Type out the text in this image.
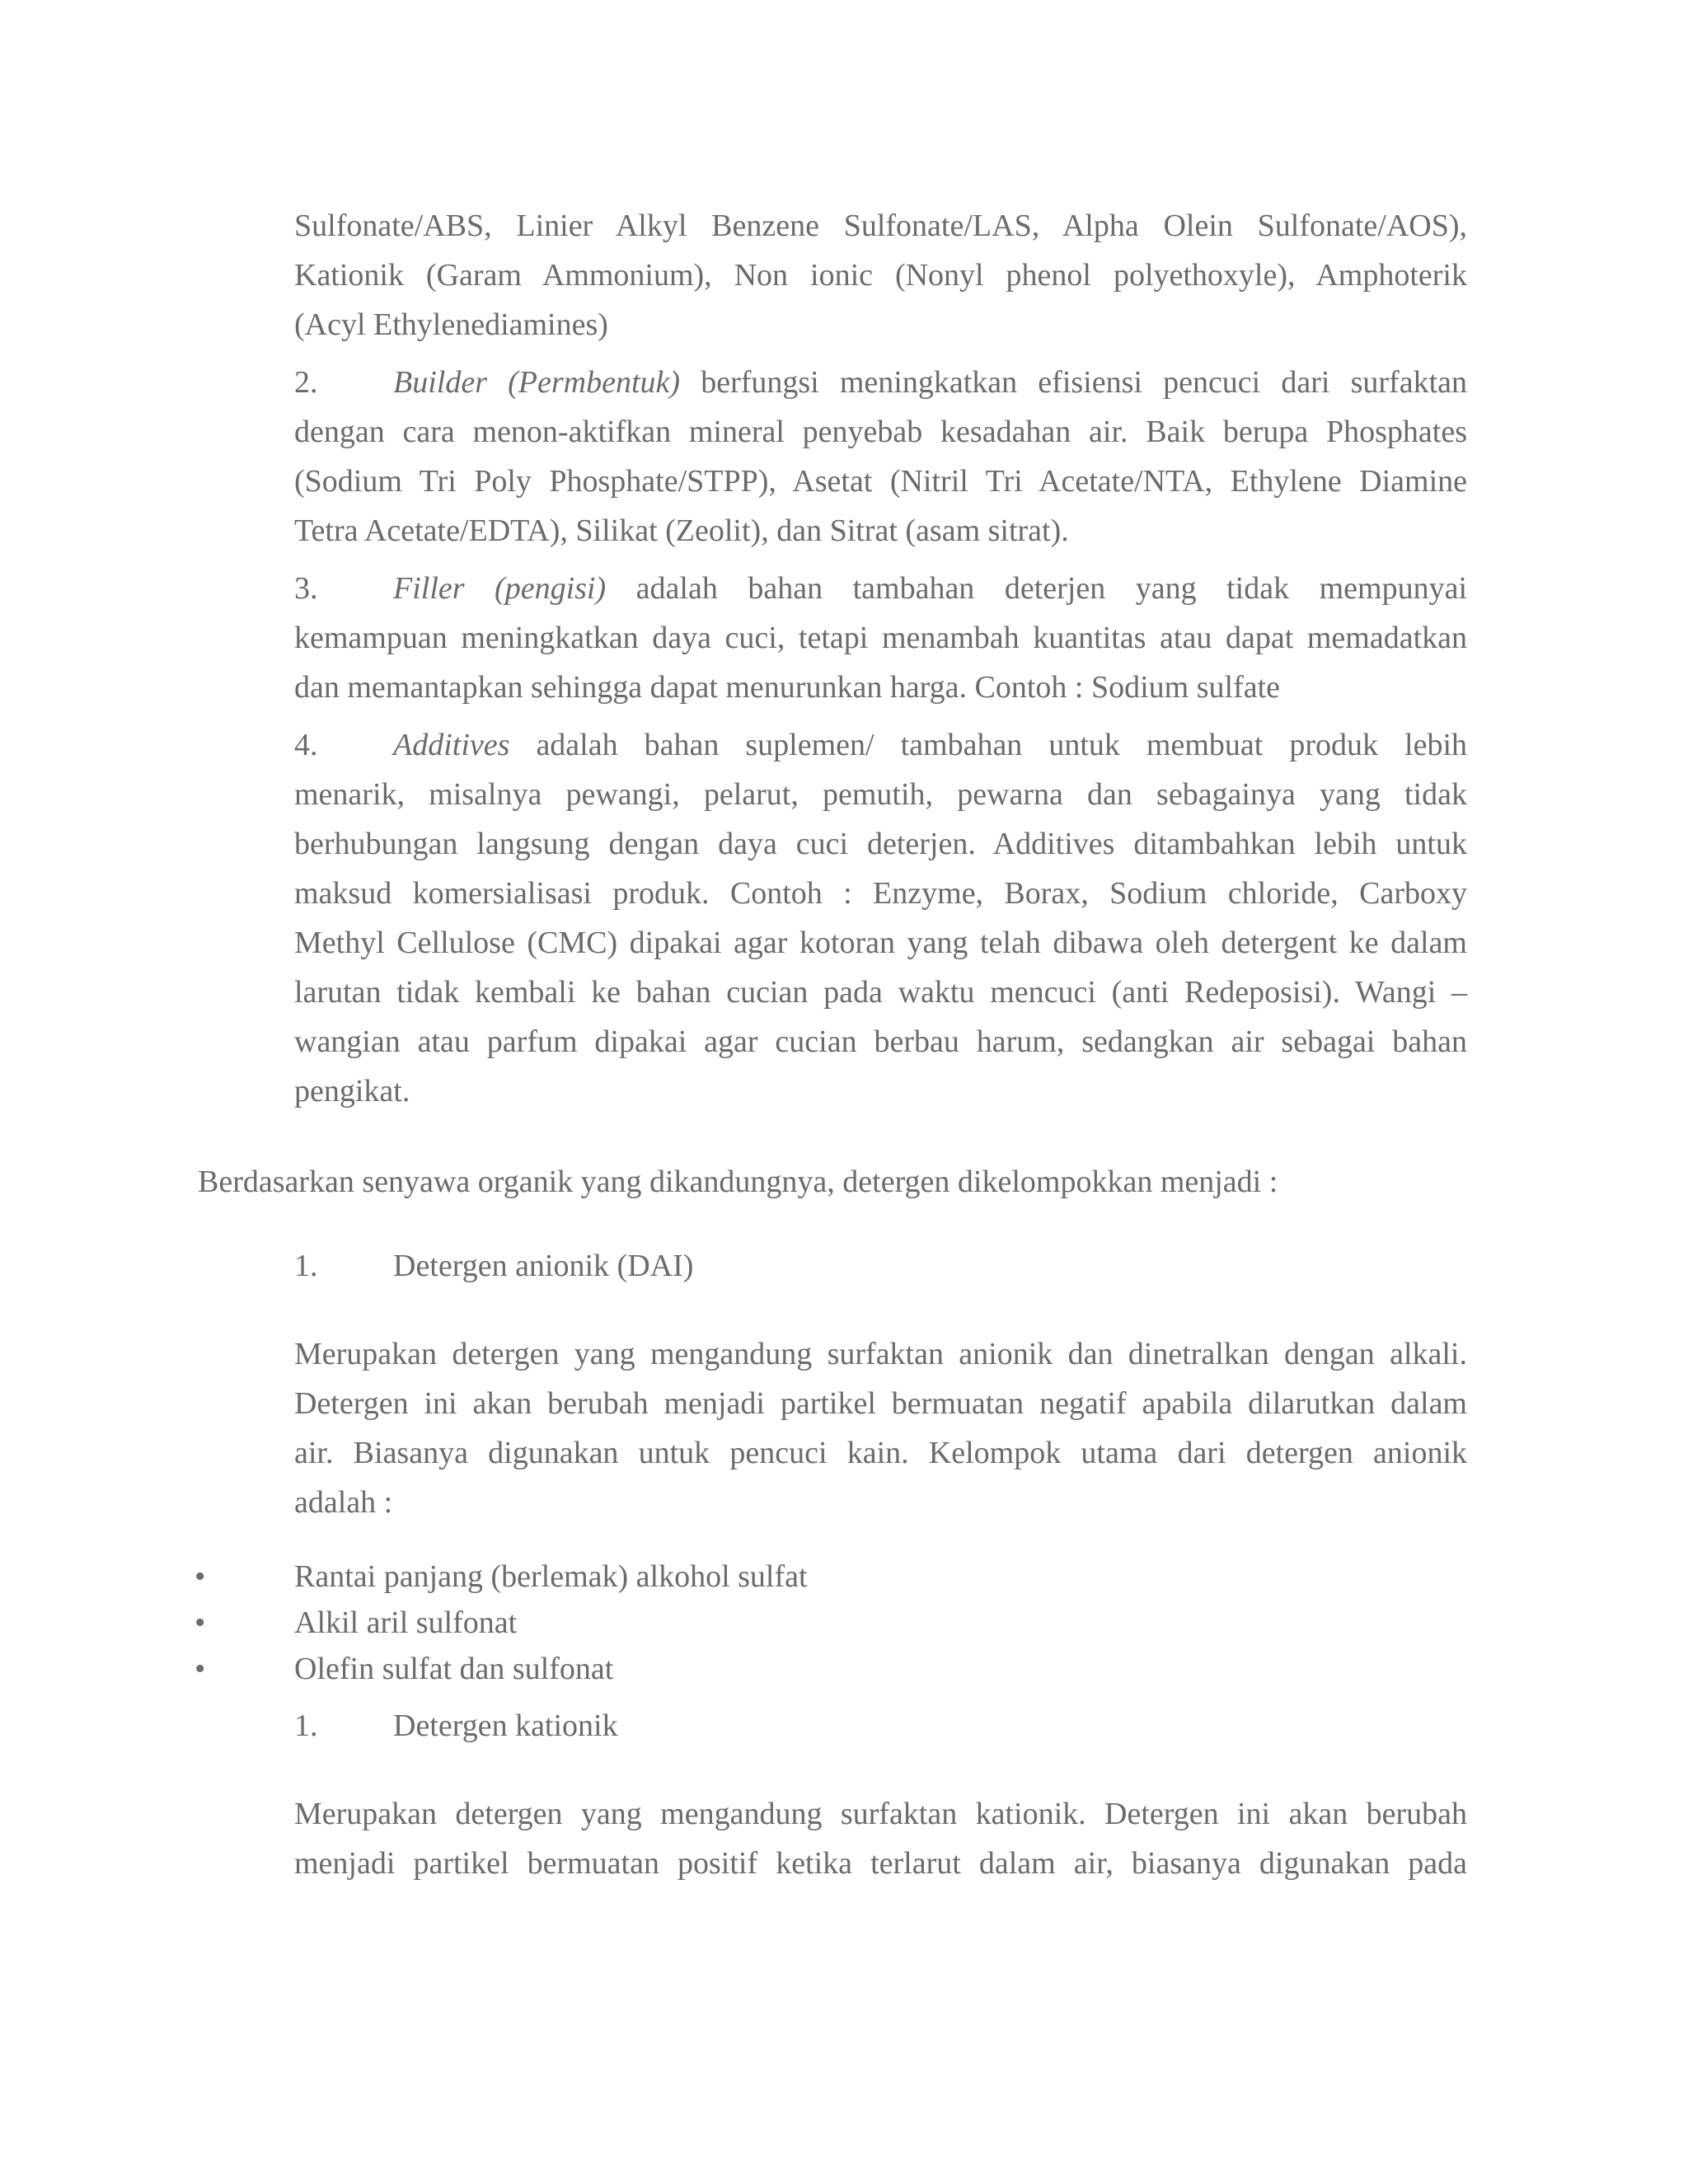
Sulfonate/ABS, Linier Alkyl Benzene Sulfonate/LAS, Alpha Olein Sulfonate/AOS),
Kationik (Garam Ammonium), Non ionic (Nonyl phenol polyethoxyle), Amphoterik
(Acyl Ethylenediamines)
2. Builder (Permbentuk) berfungsi meningkatkan efisiensi pencuci dari surfaktan
dengan cara menon-aktifkan mineral penyebab kesadahan air. Baik berupa Phosphates
(Sodium Tri Poly Phosphate/STPP), Asetat (Nitril Tri Acetate/NTA, Ethylene Diamine
Tetra Acetate/EDTA), Silikat (Zeolit), dan Sitrat (asam sitrat).
3. Filler (pengisi) adalah bahan tambahan deterjen yang tidak mempunyai
kemampuan meningkatkan daya cuci, tetapi menambah kuantitas atau dapat memadatkan
dan memantapkan sehingga dapat menurunkan harga. Contoh : Sodium sulfate
4. Additives adalah bahan suplemen/ tambahan untuk membuat produk lebih
menarik, misalnya pewangi, pelarut, pemutih, pewarna dan sebagainya yang tidak
berhubungan langsung dengan daya cuci deterjen. Additives ditambahkan lebih untuk
maksud komersialisasi produk. Contoh : Enzyme, Borax, Sodium chloride, Carboxy
Methyl Cellulose (CMC) dipakai agar kotoran yang telah dibawa oleh detergent ke dalam
larutan tidak kembali ke bahan cucian pada waktu mencuci (anti Redeposisi). Wangi –
wangian atau parfum dipakai agar cucian berbau harum, sedangkan air sebagai bahan
pengikat.
Berdasarkan senyawa organik yang dikandungnya, detergen dikelompokkan menjadi :
1. Detergen anionik (DAI)
Merupakan detergen yang mengandung surfaktan anionik dan dinetralkan dengan alkali.
Detergen ini akan berubah menjadi partikel bermuatan negatif apabila dilarutkan dalam
air. Biasanya digunakan untuk pencuci kain. Kelompok utama dari detergen anionik
adalah :
•	Rantai panjang (berlemak) alkohol sulfat
•	Alkil aril sulfonat
•	Olefin sulfat dan sulfonat
1. Detergen kationik
Merupakan detergen yang mengandung surfaktan kationik. Detergen ini akan berubah
menjadi partikel bermuatan positif ketika terlarut dalam air, biasanya digunakan pada
